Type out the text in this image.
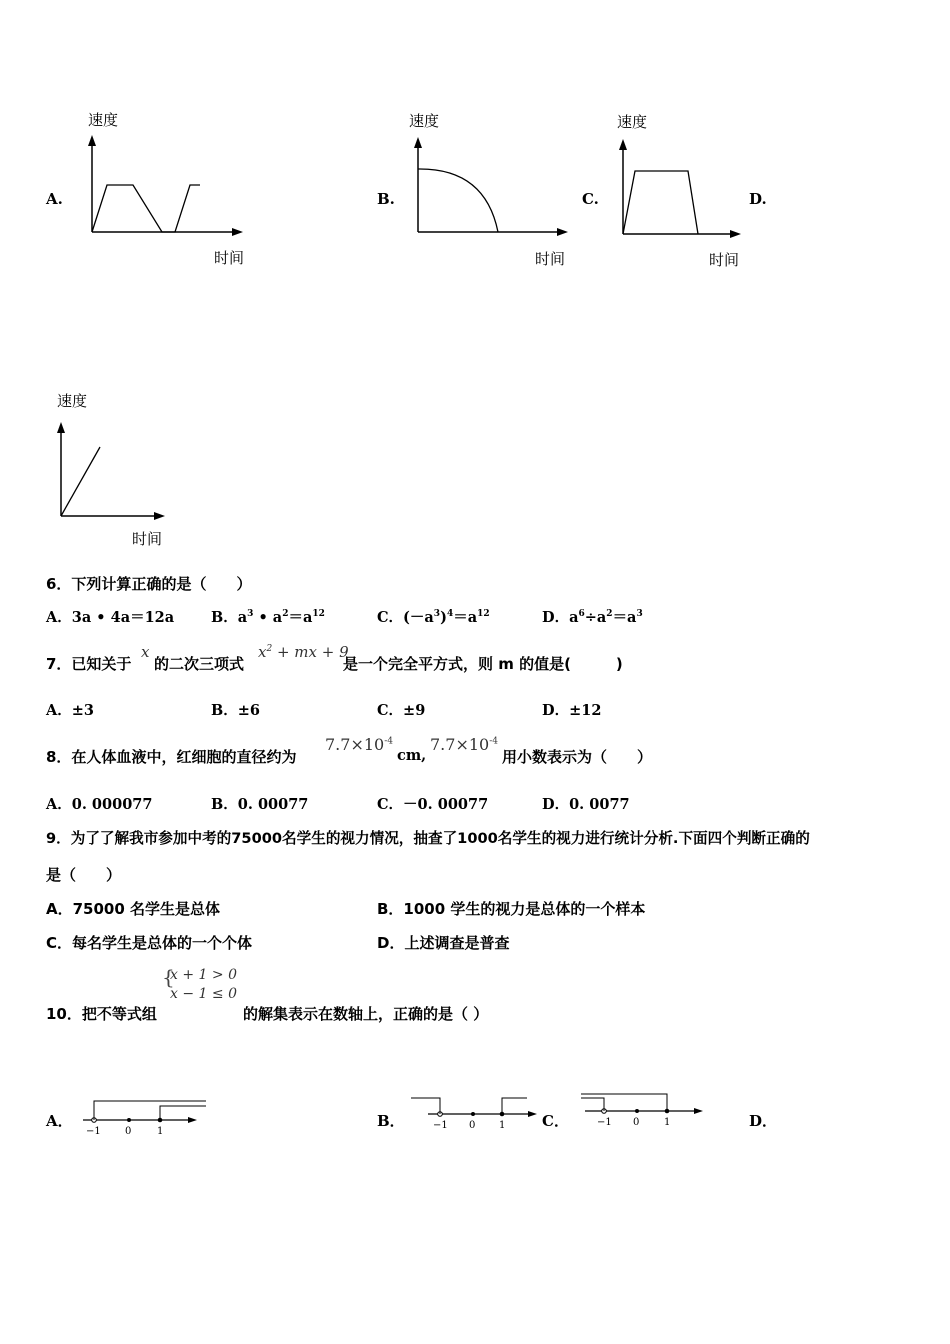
速度
时间
A.
速度
时间
B.
速度
时间
C.	D.
速度
时间
6．下列计算正确的是（　　）
A．3a • 4a＝12a	B．$a^3$ • $a^2=a^{12}$	C．$(-a^3)^4=a^{12}$	D．$a^6\div a^2=a^3$
7．已知关于
x
的二次三项式
$x^2$ + mx + 9
是一个完全平方式，则 m 的值是(　　　)
A．±3	B．±6	C．±9	D．±12
8．在人体血液中，红细胞的直径约为
$7.7\times 10^{-4}$
cm,
$7.7\times 10^{-4}$
用小数表示为（　　）
A．0. 000077	B．0. 00077	C．－0. 00077	D．0. 0077
9．为了了解我市参加中考的75000名学生的视力情况，抽查了1000名学生的视力进行统计分析.下面四个判断正确的
是（　　）
A．75000 名学生是总体	B．1000 学生的视力是总体的一个样本
C．每名学生是总体的一个个体	D．上述调查是普查
10．把不等式组
{
x + 1 > 0
x − 1 ≤ 0
的解集表示在数轴上，正确的是（ ）
A．
−1 0	1
B．	−1 0 1 C．	−1 0 1	D．
